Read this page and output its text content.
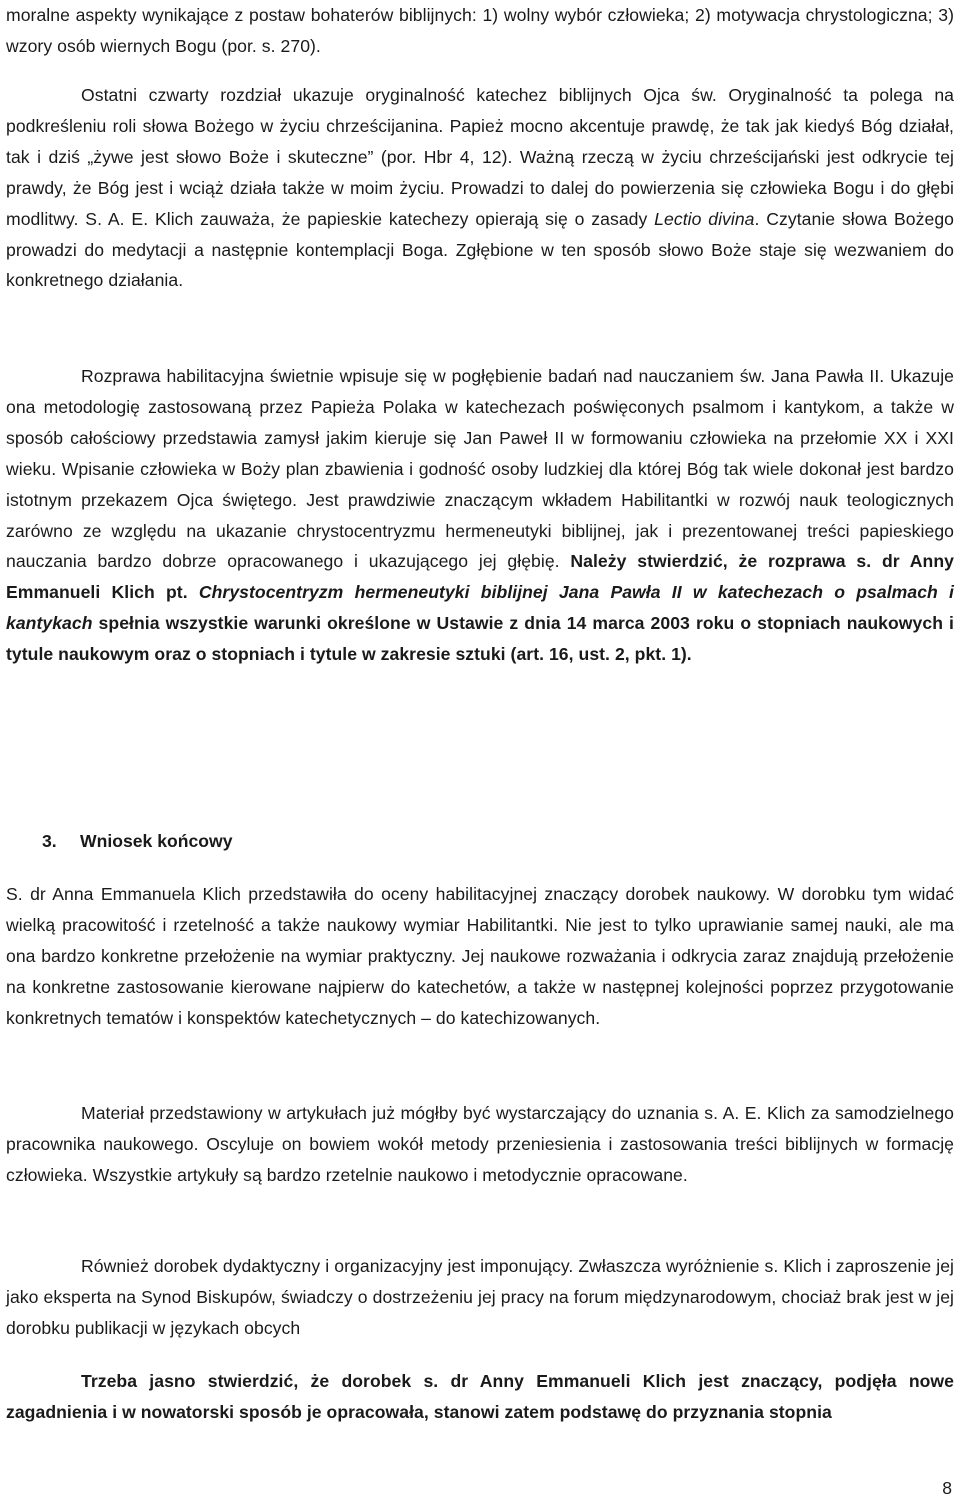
moralne aspekty wynikające z postaw bohaterów biblijnych: 1) wolny wybór człowieka; 2) motywacja chrystologiczna; 3) wzory osób wiernych Bogu (por. s. 270).

Ostatni czwarty rozdział ukazuje oryginalność katechez biblijnych Ojca św. Oryginalność ta polega na podkreśleniu roli słowa Bożego w życiu chrześcijanina. Papież mocno akcentuje prawdę, że tak jak kiedyś Bóg działał, tak i dziś „żywe jest słowo Boże i skuteczne” (por. Hbr 4, 12). Ważną rzeczą w życiu chrześcijański jest odkrycie tej prawdy, że Bóg jest i wciąż działa także w moim życiu. Prowadzi to dalej do powierzenia się człowieka Bogu i do głębi modlitwy. S. A. E. Klich zauważa, że papieskie katechezy opierają się o zasady Lectio divina. Czytanie słowa Bożego prowadzi do medytacji a następnie kontemplacji Boga. Zgłębione w ten sposób słowo Boże staje się wezwaniem do konkretnego działania.

Rozprawa habilitacyjna świetnie wpisuje się w pogłębienie badań nad nauczaniem św. Jana Pawła II. Ukazuje ona metodologię zastosowaną przez Papieża Polaka w katechezach poświęconych psalmom i kantykom, a także w sposób całościowy przedstawia zamysł jakim kieruje się Jan Paweł II w formowaniu człowieka na przełomie XX i XXI wieku. Wpisanie człowieka w Boży plan zbawienia i godność osoby ludzkiej dla której Bóg tak wiele dokonał jest bardzo istotnym przekazem Ojca świętego. Jest prawdziwie znaczącym wkładem Habilitantki w rozwój nauk teologicznych zarówno ze względu na ukazanie chrystocentryzmu hermeneutyki biblijnej, jak i prezentowanej treści papieskiego nauczania bardzo dobrze opracowanego i ukazującego jej głębię. Należy stwierdzić, że rozprawa s. dr Anny Emmanueli Klich pt. Chrystocentryzm hermeneutyki biblijnej Jana Pawła II w katechezach o psalmach i kantykach spełnia wszystkie warunki określone w Ustawie z dnia 14 marca 2003 roku o stopniach naukowych i tytule naukowym oraz o stopniach i tytule w zakresie sztuki (art. 16, ust. 2, pkt. 1).

3. Wniosek końcowy

S. dr Anna Emmanuela Klich przedstawiła do oceny habilitacyjnej znaczący dorobek naukowy. W dorobku tym widać wielką pracowitość i rzetelność a także naukowy wymiar Habilitantki. Nie jest to tylko uprawianie samej nauki, ale ma ona bardzo konkretne przełożenie na wymiar praktyczny. Jej naukowe rozważania i odkrycia zaraz znajdują przełożenie na konkretne zastosowanie kierowane najpierw do katechetów, a także w następnej kolejności poprzez przygotowanie konkretnych tematów i konspektów katechetycznych – do katechizowanych.

Materiał przedstawiony w artykułach już mógłby być wystarczający do uznania s. A. E. Klich za samodzielnego pracownika naukowego. Oscyluje on bowiem wokół metody przeniesienia i zastosowania treści biblijnych w formację człowieka. Wszystkie artykuły są bardzo rzetelnie naukowo i metodycznie opracowane.

Również dorobek dydaktyczny i organizacyjny jest imponujący. Zwłaszcza wyróżnienie s. Klich i zaproszenie jej jako eksperta na Synod Biskupów, świadczy o dostrzeżeniu jej pracy na forum międzynarodowym, chociaż brak jest w jej dorobku publikacji w językach obcych

Trzeba jasno stwierdzić, że dorobek s. dr Anny Emmanueli Klich jest znaczący, podjęła nowe zagadnienia i w nowatorski sposób je opracowała, stanowi zatem podstawę do przyznania stopnia

8
